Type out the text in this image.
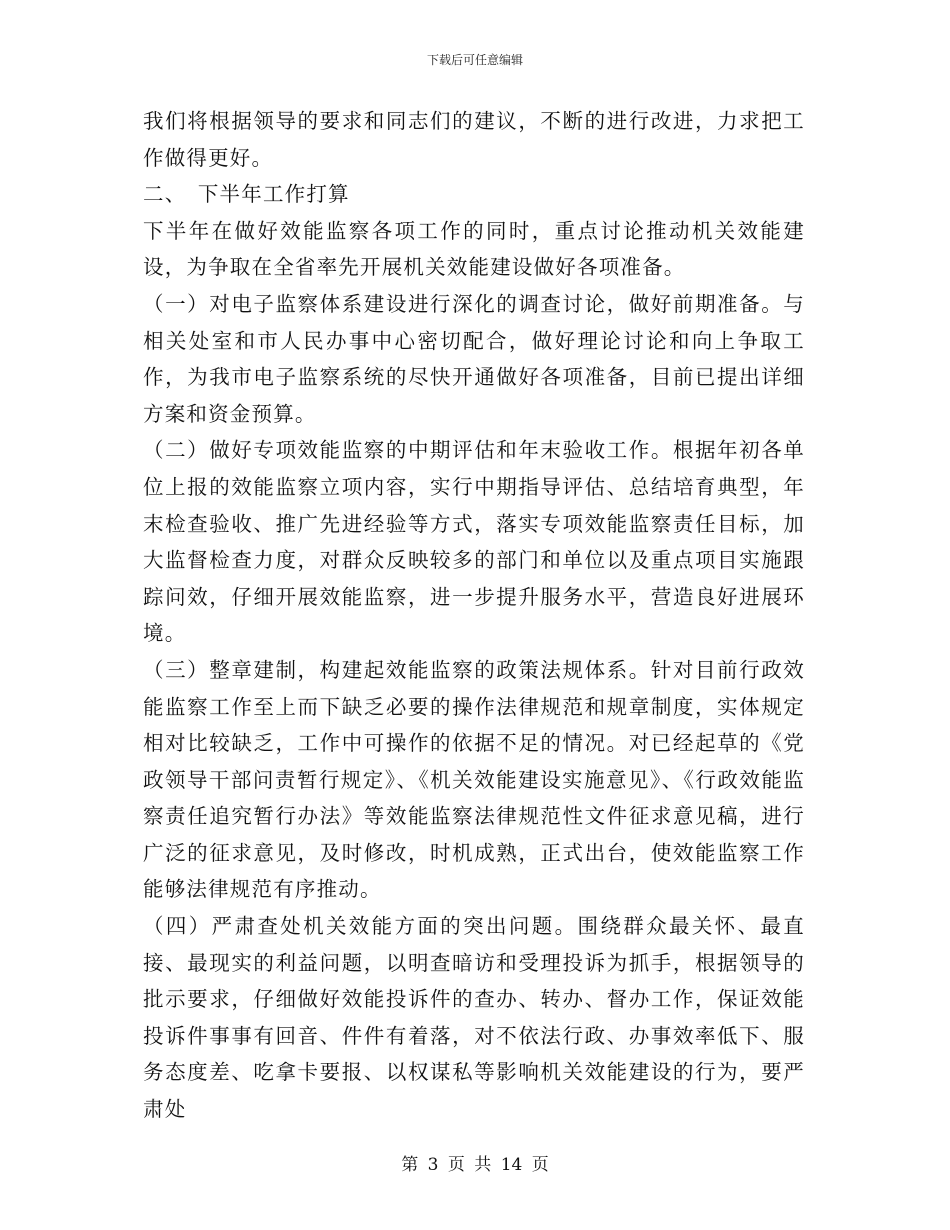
下载后可任意编辑

我们将根据领导的要求和同志们的建议，不断的进行改进，力求把工作做得更好。

二、　下半年工作打算

下半年在做好效能监察各项工作的同时，重点讨论推动机关效能建设，为争取在全省率先开展机关效能建设做好各项准备。

（一）对电子监察体系建设进行深化的调查讨论，做好前期准备。与相关处室和市人民办事中心密切配合，做好理论讨论和向上争取工作，为我市电子监察系统的尽快开通做好各项准备，目前已提出详细方案和资金预算。

（二）做好专项效能监察的中期评估和年末验收工作。根据年初各单位上报的效能监察立项内容，实行中期指导评估、总结培育典型，年末检查验收、推广先进经验等方式，落实专项效能监察责任目标，加大监督检查力度，对群众反映较多的部门和单位以及重点项目实施跟踪问效，仔细开展效能监察，进一步提升服务水平，营造良好进展环境。

（三）整章建制，构建起效能监察的政策法规体系。针对目前行政效能监察工作至上而下缺乏必要的操作法律规范和规章制度，实体规定相对比较缺乏，工作中可操作的依据不足的情况。对已经起草的《党政领导干部问责暂行规定》、《机关效能建设实施意见》、《行政效能监察责任追究暂行办法》等效能监察法律规范性文件征求意见稿，进行广泛的征求意见，及时修改，时机成熟，正式出台，使效能监察工作能够法律规范有序推动。

（四）严肃查处机关效能方面的突出问题。围绕群众最关怀、最直接、最现实的利益问题，以明查暗访和受理投诉为抓手，根据领导的批示要求，仔细做好效能投诉件的查办、转办、督办工作，保证效能投诉件事事有回音、件件有着落，对不依法行政、办事效率低下、服务态度差、吃拿卡要报、以权谋私等影响机关效能建设的行为，要严肃处

第 3 页 共 14 页
